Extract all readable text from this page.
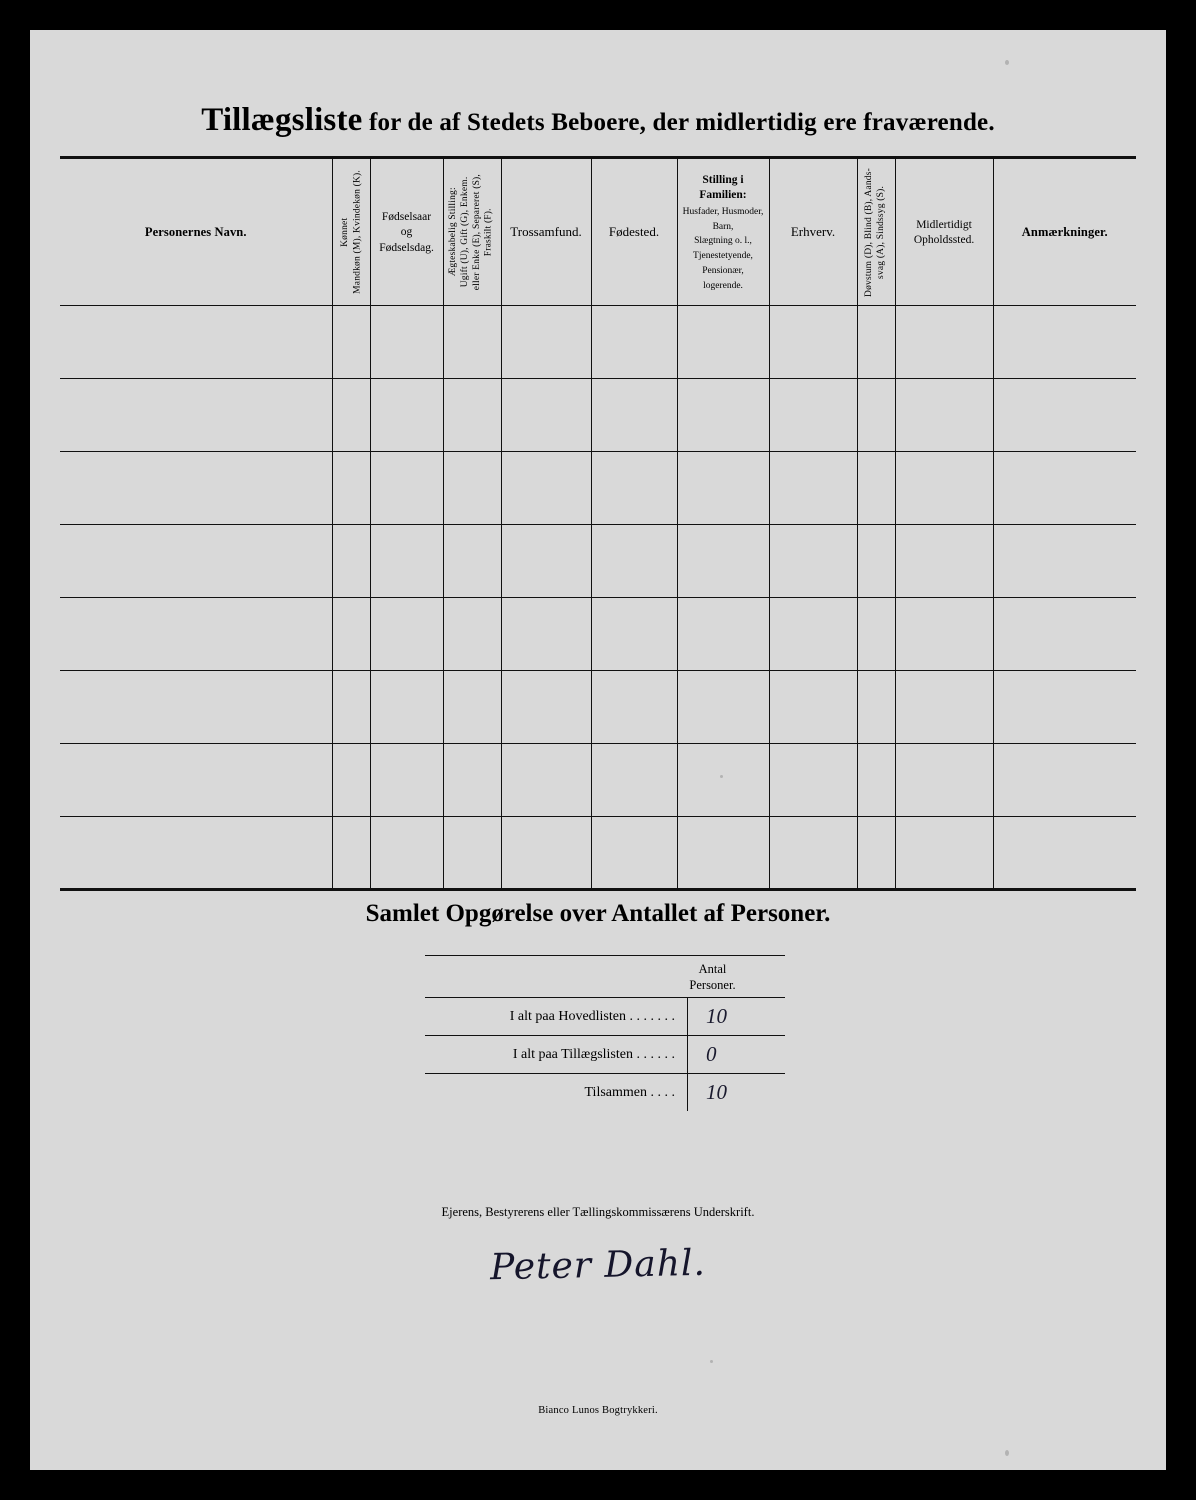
Tillægsliste for de af Stedets Beboere, der midlertidig ere fraværende.
Personernes Navn.	Kønnet Mandkøn (M), Kvindekøn (K).	Fødselsaar
og
Fødselsdag.	Ægteskabelig Stilling: Ugift (U), Gift (G), Enkem. eller Enke (E), Separeret (S), Fraskilt (F).	Trossamfund.	Fødested.	Stilling i
Familien:
Husfader, Husmoder, Barn,
Slægtning o. l.,
Tjenestetyende,
Pensionær,
logerende.	Erhverv.	Døvstum (D), Blind (B), Aands- svag (A), Sindssyg (S).	Midlertidigt
Opholdssted.	Anmærkninger.

Samlet Opgørelse over Antallet af Personer.
Antal
Personer.
I alt paa Hovedlisten . . . . . . .	10
I alt paa Tillægslisten . . . . . .	0
Tilsammen . . . .	10
Ejerens, Bestyrerens eller Tællingskommissærens Underskrift.
Peter Dahl.
Bianco Lunos Bogtrykkeri.
